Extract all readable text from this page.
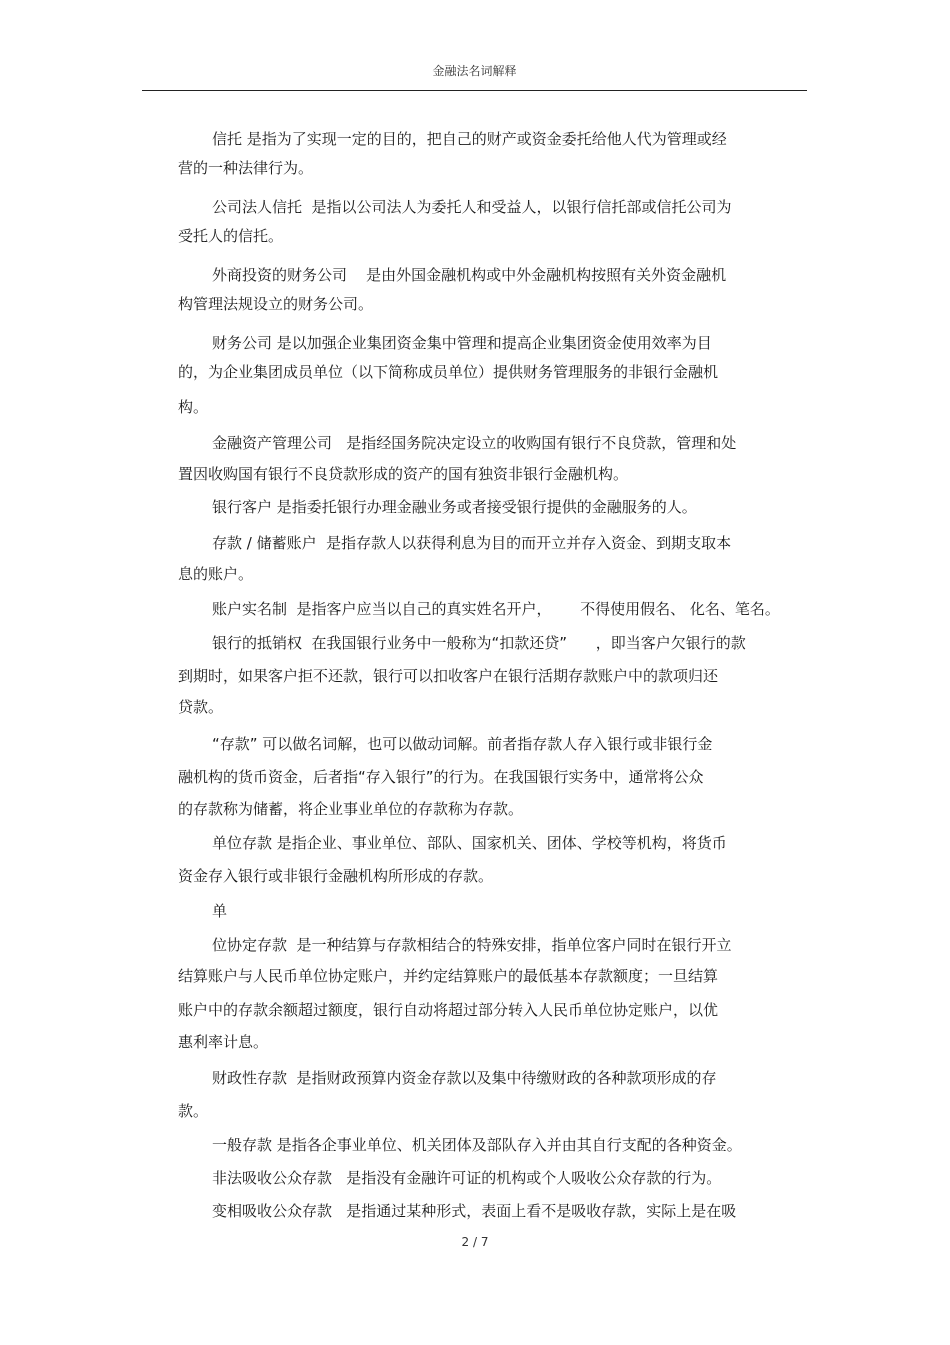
金融法名词解释
信托 是指为了实现一定的目的，把自己的财产或资金委托给他人代为管理或经
营的一种法律行为。
公司法人信托  是指以公司法人为委托人和受益人，以银行信托部或信托公司为
受托人的信托。
外商投资的财务公司    是由外国金融机构或中外金融机构按照有关外资金融机
构管理法规设立的财务公司。
财务公司 是以加强企业集团资金集中管理和提高企业集团资金使用效率为目
的，为企业集团成员单位（以下简称成员单位）提供财务管理服务的非银行金融机
构。
金融资产管理公司   是指经国务院决定设立的收购国有银行不良贷款，管理和处
置因收购国有银行不良贷款形成的资产的国有独资非银行金融机构。
银行客户 是指委托银行办理金融业务或者接受银行提供的金融服务的人。
存款 / 储蓄账户  是指存款人以获得利息为目的而开立并存入资金、到期支取本
息的账户。
账户实名制  是指客户应当以自己的真实姓名开户，      不得使用假名、 化名、笔名。
银行的抵销权  在我国银行业务中一般称为“扣款还贷”      ，即当客户欠银行的款
到期时，如果客户拒不还款，银行可以扣收客户在银行活期存款账户中的款项归还
贷款。
“存款” 可以做名词解，也可以做动词解。前者指存款人存入银行或非银行金
融机构的货币资金，后者指“存入银行”的行为。在我国银行实务中，通常将公众
的存款称为储蓄，将企业事业单位的存款称为存款。
单位存款 是指企业、事业单位、部队、国家机关、团体、学校等机构，将货币
资金存入银行或非银行金融机构所形成的存款。
单
位协定存款  是一种结算与存款相结合的特殊安排，指单位客户同时在银行开立
结算账户与人民币单位协定账户，并约定结算账户的最低基本存款额度；一旦结算
账户中的存款余额超过额度，银行自动将超过部分转入人民币单位协定账户，以优
惠利率计息。
财政性存款  是指财政预算内资金存款以及集中待缴财政的各种款项形成的存
款。
一般存款 是指各企事业单位、机关团体及部队存入并由其自行支配的各种资金。
非法吸收公众存款   是指没有金融许可证的机构或个人吸收公众存款的行为。
变相吸收公众存款   是指通过某种形式，表面上看不是吸收存款，实际上是在吸
2 / 7
